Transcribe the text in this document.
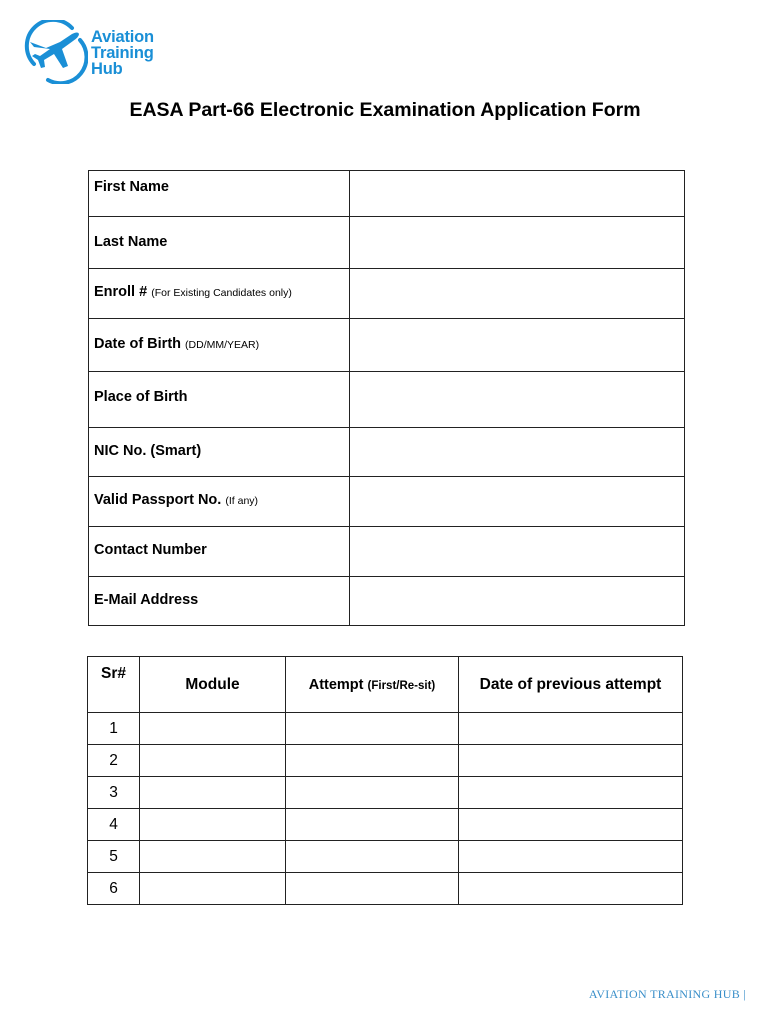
Aviation
Training
Hub
EASA Part-66 Electronic Examination Application Form
First Name	
Last Name	
Enroll # (For Existing Candidates only)	
Date of Birth (DD/MM/YEAR)	
Place of Birth	
NIC No. (Smart)	
Valid Passport No. (If any)	
Contact Number	
E-Mail Address	
Sr#	Module	Attempt (First/Re-sit)	Date of previous attempt
1			
2			
3			
4			
5			
6			
AVIATION TRAINING HUB |
